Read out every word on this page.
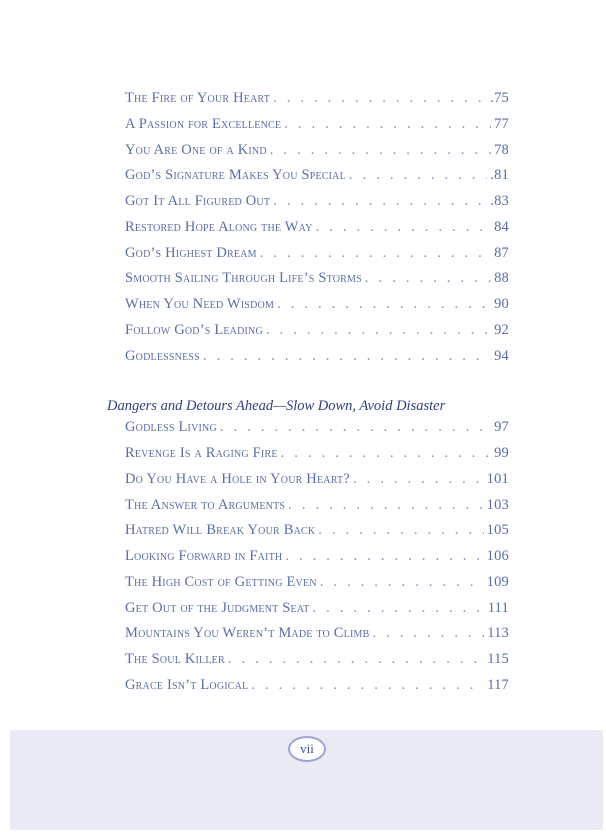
The Fire of Your Heart . . .	.75
A Passion for Excellence . . .	77
You Are One of a Kind . . .	78
God’s Signature Makes You Special . . .	.81
Got It All Figured Out . . .	.83
Restored Hope Along the Way . . .	84
God’s Highest Dream . . .	87
Smooth Sailing Through Life’s Storms . . .	88
When You Need Wisdom . . .	90
Follow God’s Leading . . .	92
Godlessness . . .	94
Dangers and Detours Ahead—Slow Down, Avoid Disaster
Godless Living . . .	97
Revenge Is a Raging Fire . . .	99
Do You Have a Hole in Your Heart? . . .	101
The Answer to Arguments . . .	103
Hatred Will Break Your Back . . .	105
Looking Forward in Faith . . .	106
The High Cost of Getting Even . . .	109
Get Out of the Judgment Seat . . .	111
Mountains You Weren’t Made to Climb . . .	113
The Soul Killer . . .	115
Grace Isn’t Logical . . .	117
vii
